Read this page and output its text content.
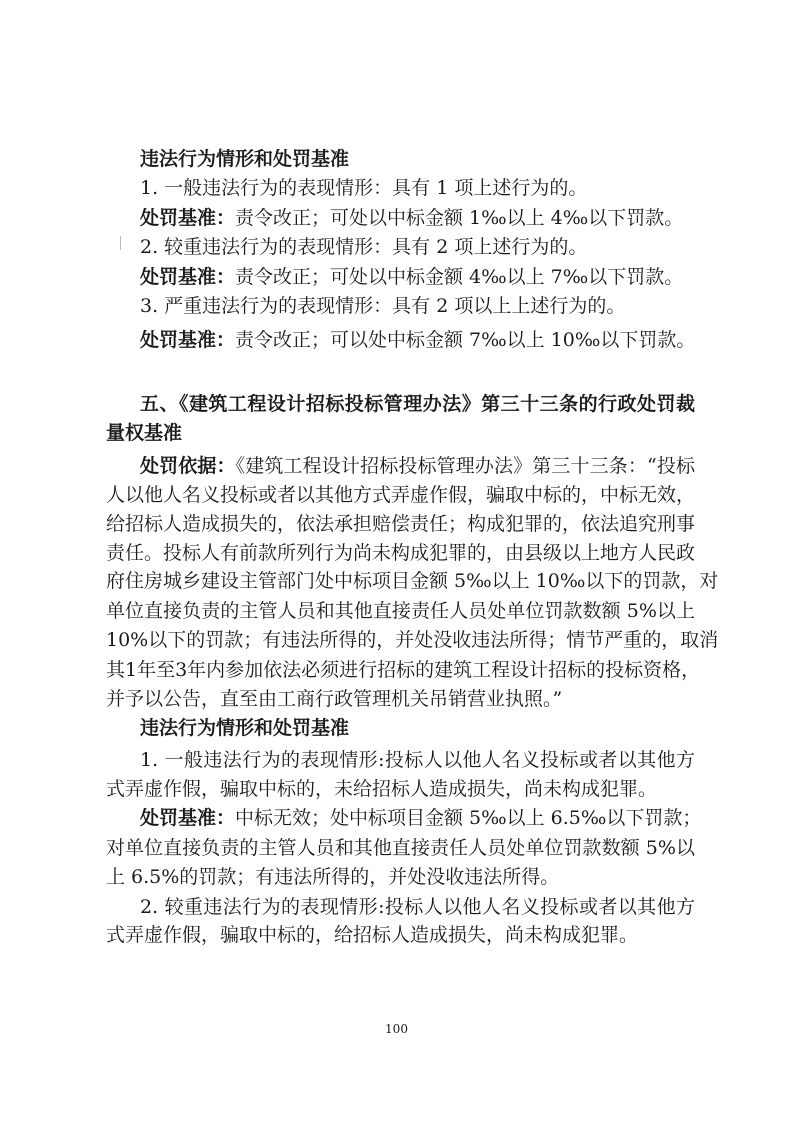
违法行为情形和处罚基准
1. 一般违法行为的表现情形：具有 1 项上述行为的。
处罚基准：责令改正；可处以中标金额 1‰以上 4‰以下罚款。
2. 较重违法行为的表现情形：具有 2 项上述行为的。
处罚基准：责令改正；可处以中标金额 4‰以上 7‰以下罚款。
3. 严重违法行为的表现情形：具有 2 项以上上述行为的。
处罚基准：责令改正；可以处中标金额 7‰以上 10‰以下罚款。
五、《建筑工程设计招标投标管理办法》第三十三条的行政处罚裁
量权基准
处罚依据：《建筑工程设计招标投标管理办法》第三十三条：“投标
人以他人名义投标或者以其他方式弄虚作假，骗取中标的，中标无效，
给招标人造成损失的，依法承担赔偿责任；构成犯罪的，依法追究刑事
责任。投标人有前款所列行为尚未构成犯罪的，由县级以上地方人民政
府住房城乡建设主管部门处中标项目金额 5‰以上 10‰以下的罚款，对
单位直接负责的主管人员和其他直接责任人员处单位罚款数额 5%以上
10%以下的罚款；有违法所得的，并处没收违法所得；情节严重的，取消
其1年至3年内参加依法必须进行招标的建筑工程设计招标的投标资格，
并予以公告，直至由工商行政管理机关吊销营业执照。”
违法行为情形和处罚基准
1. 一般违法行为的表现情形:投标人以他人名义投标或者以其他方
式弄虚作假，骗取中标的，未给招标人造成损失，尚未构成犯罪。
处罚基准：中标无效；处中标项目金额 5‰以上 6.5‰以下罚款；
对单位直接负责的主管人员和其他直接责任人员处单位罚款数额 5%以
上 6.5%的罚款；有违法所得的，并处没收违法所得。
2. 较重违法行为的表现情形:投标人以他人名义投标或者以其他方
式弄虚作假，骗取中标的，给招标人造成损失，尚未构成犯罪。
100
